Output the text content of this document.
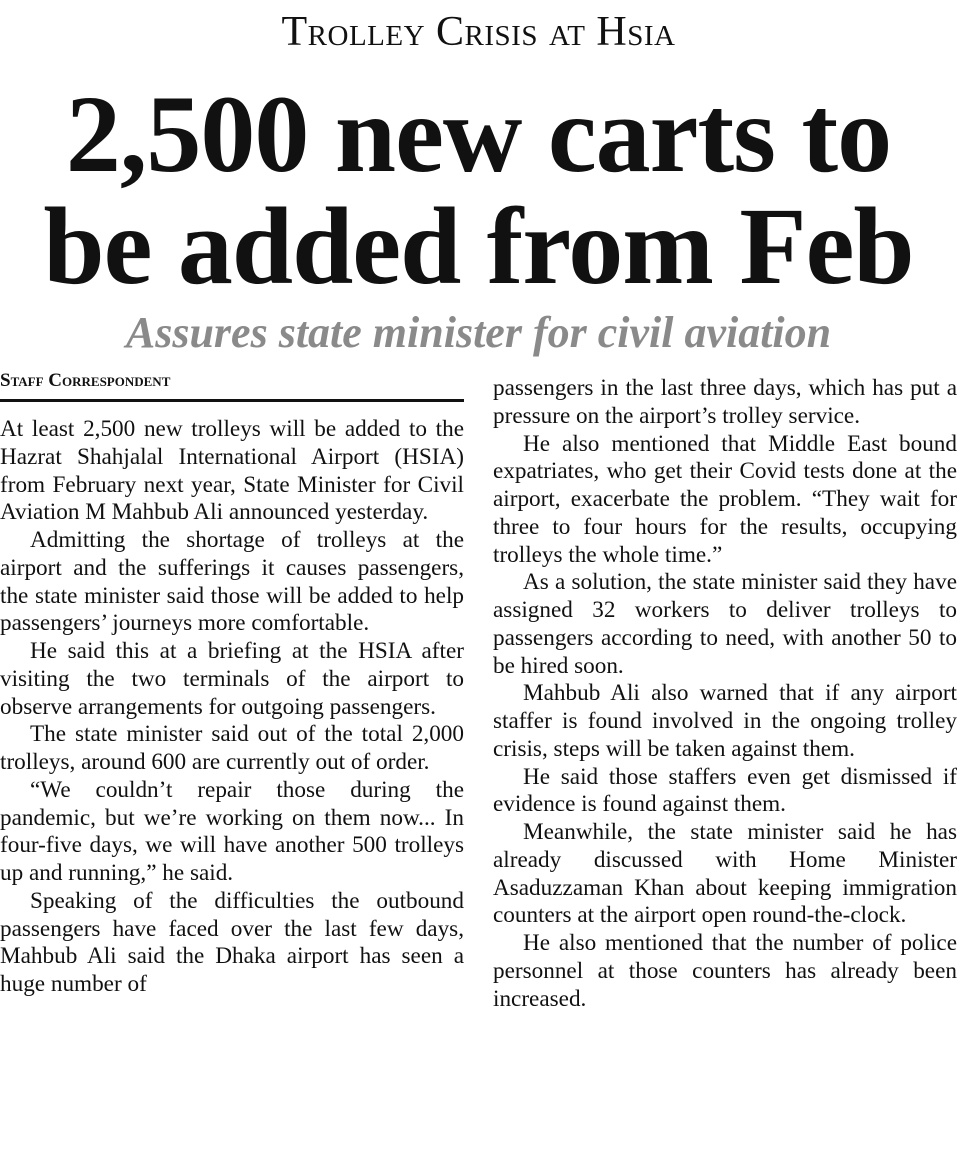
Trolley Crisis at Hsia
2,500 new carts to
be added from Feb
Assures state minister for civil aviation
Staff Correspondent

At least 2,500 new trolleys will be added to the Hazrat Shahjalal International Airport (HSIA) from February next year, State Minister for Civil Aviation M Mahbub Ali announced yesterday.

Admitting the shortage of trolleys at the airport and the sufferings it causes passengers, the state minister said those will be added to help passengers’ journeys more comfortable.

He said this at a briefing at the HSIA after visiting the two terminals of the airport to observe arrangements for outgoing passengers.

The state minister said out of the total 2,000 trolleys, around 600 are currently out of order.

“We couldn’t repair those during the pandemic, but we’re working on them now... In four-five days, we will have another 500 trolleys up and running,” he said.

Speaking of the difficulties the outbound passengers have faced over the last few days, Mahbub Ali said the Dhaka airport has seen a huge number of

passengers in the last three days, which has put a pressure on the airport’s trolley service.

He also mentioned that Middle East bound expatriates, who get their Covid tests done at the airport, exacerbate the problem. “They wait for three to four hours for the results, occupying trolleys the whole time.”

As a solution, the state minister said they have assigned 32 workers to deliver trolleys to passengers according to need, with another 50 to be hired soon.

Mahbub Ali also warned that if any airport staffer is found involved in the ongoing trolley crisis, steps will be taken against them.

He said those staffers even get dismissed if evidence is found against them.

Meanwhile, the state minister said he has already discussed with Home Minister Asaduzzaman Khan about keeping immigration counters at the airport open round-the-clock.

He also mentioned that the number of police personnel at those counters has already been increased.
